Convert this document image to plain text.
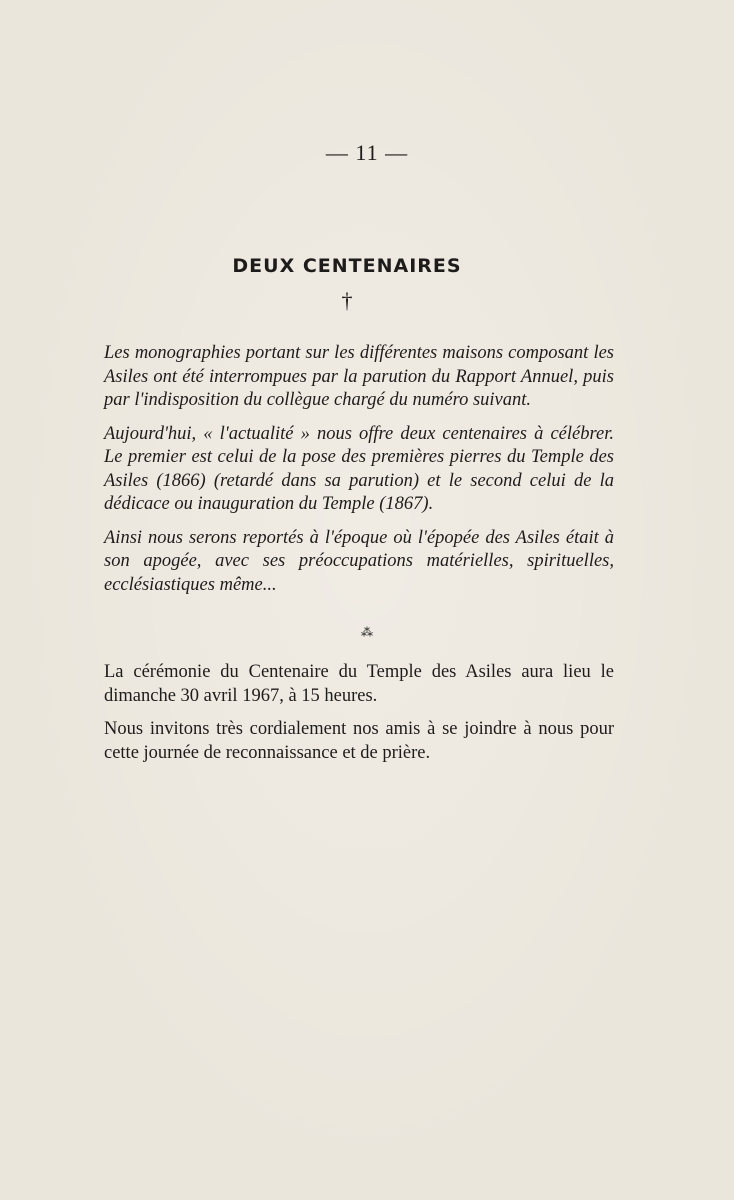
— 11 —
DEUX CENTENAIRES
†

Les monographies portant sur les différentes maisons composant les Asiles ont été interrompues par la parution du Rapport Annuel, puis par l'indisposition du collègue chargé du numéro suivant.

Aujourd'hui, « l'actualité » nous offre deux centenaires à célébrer. Le premier est celui de la pose des premières pierres du Temple des Asiles (1866) (retardé dans sa parution) et le second celui de la dédicace ou inauguration du Temple (1867).

Ainsi nous serons reportés à l'époque où l'épopée des Asiles était à son apogée, avec ses préoccupations matérielles, spirituelles, ecclésiastiques même...

⁂

La cérémonie du Centenaire du Temple des Asiles aura lieu le dimanche 30 avril 1967, à 15 heures.

Nous invitons très cordialement nos amis à se joindre à nous pour cette journée de reconnaissance et de prière.
